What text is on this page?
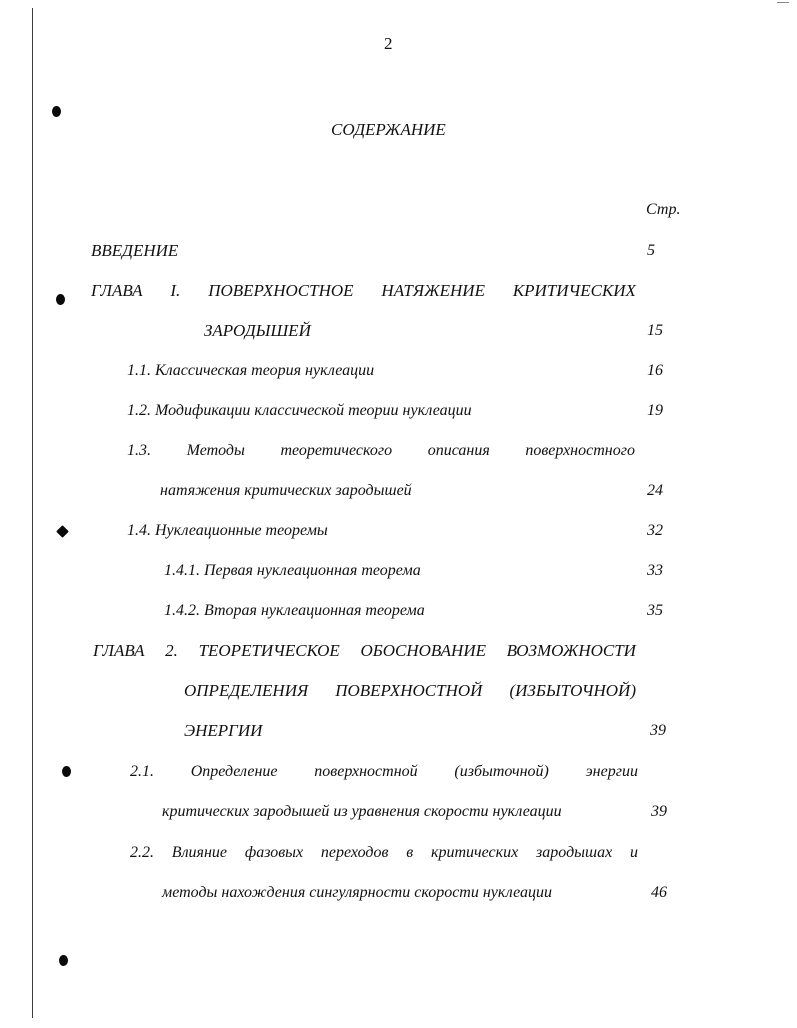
2
СОДЕРЖАНИЕ
Стр.
ВВЕДЕНИЕ	5
ГЛАВА I. ПОВЕРХНОСТНОЕ НАТЯЖЕНИЕ КРИТИЧЕСКИХ
ЗАРОДЫШЕЙ	15
1.1. Классическая теория нуклеации	16
1.2. Модификации классической теории нуклеации	19
1.3. Методы теоретического описания поверхностного
натяжения критических зародышей	24
1.4. Нуклеационные теоремы	32
1.4.1. Первая нуклеационная теорема	33
1.4.2. Вторая нуклеационная теорема	35
ГЛАВА 2. ТЕОРЕТИЧЕСКОЕ ОБОСНОВАНИЕ ВОЗМОЖНОСТИ
ОПРЕДЕЛЕНИЯ ПОВЕРХНОСТНОЙ (ИЗБЫТОЧНОЙ)
ЭНЕРГИИ	39
2.1. Определение поверхностной (избыточной) энергии
критических зародышей из уравнения скорости нуклеации	39
2.2. Влияние фазовых переходов в критических зародышах и
методы нахождения сингулярности скорости нуклеации	46
